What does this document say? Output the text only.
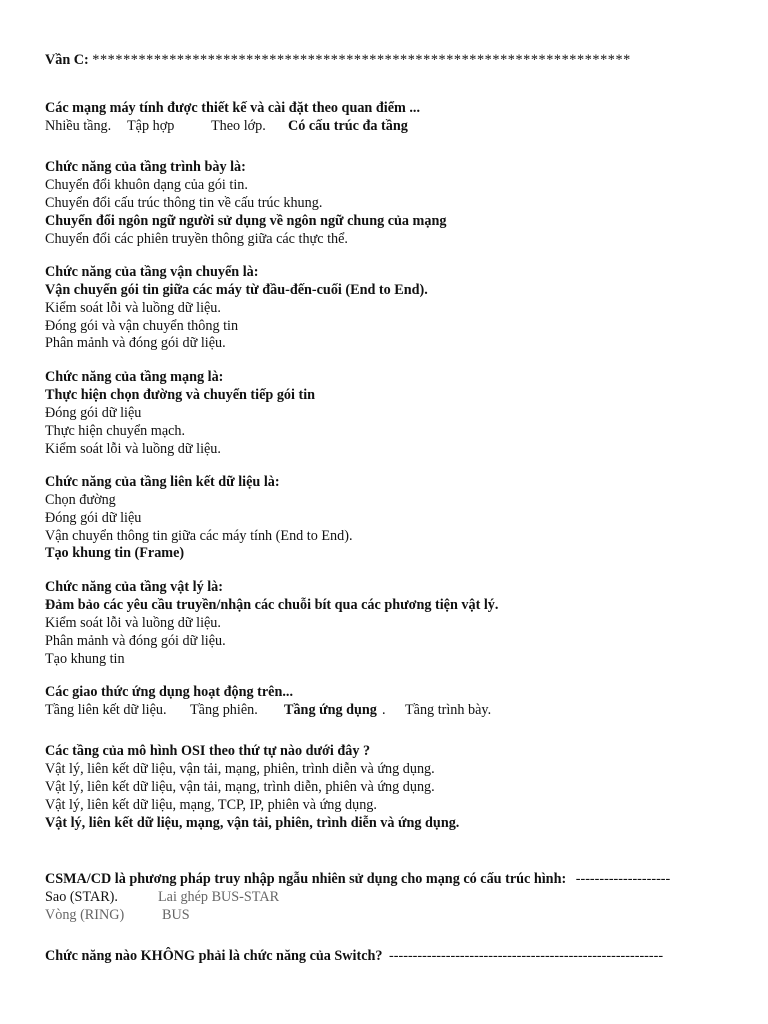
Vần C: **********************************************************************
Các mạng máy tính được thiết kế và cài đặt theo quan điểm ...
Nhiều tầng. Tập hợp	Theo lớp. Có cấu trúc đa tầng
Chức năng của tầng trình bày là:
Chuyển đổi khuôn dạng của gói tin.
Chuyển đổi cấu trúc thông tin về cấu trúc khung.
Chuyển đổi ngôn ngữ người sử dụng về ngôn ngữ chung của mạng
Chuyển đổi các phiên truyền thông giữa các thực thể.
Chức năng của tầng vận chuyển là:
Vận chuyển gói tin giữa các máy từ đầu-đến-cuối (End to End).
Kiểm soát lỗi và luồng dữ liệu.
Đóng gói và vận chuyển thông tin
Phân mảnh và đóng gói dữ liệu.
Chức năng của tầng mạng là:
Thực hiện chọn đường và chuyển tiếp gói tin
Đóng gói dữ liệu
Thực hiện chuyển mạch.
Kiểm soát lỗi và luồng dữ liệu.
Chức năng của tầng liên kết dữ liệu là:
Chọn đường
Đóng gói dữ liệu
Vận chuyển thông tin giữa các máy tính (End to End).
Tạo khung tin (Frame)
Chức năng của tầng vật lý là:
Đảm bảo các yêu cầu truyền/nhận các chuỗi bít qua các phương tiện vật lý.
Kiểm soát lỗi và luồng dữ liệu.
Phân mảnh và đóng gói dữ liệu.
Tạo khung tin
Các giao thức ứng dụng hoạt động trên...
Tầng liên kết dữ liệu. Tầng phiên. Tầng ứng dụng . Tầng trình bày.
Các tầng của mô hình OSI theo thứ tự nào dưới đây ?
Vật lý, liên kết dữ liệu, vận tải, mạng, phiên, trình diễn và ứng dụng.
Vật lý, liên kết dữ liệu, vận tải, mạng, trình diễn, phiên và ứng dụng.
Vật lý, liên kết dữ liệu, mạng, TCP, IP, phiên và ứng dụng.
Vật lý, liên kết dữ liệu, mạng, vận tải, phiên, trình diễn và ứng dụng.
CSMA/CD là phương pháp truy nhập ngẫu nhiên sử dụng cho mạng có cấu trúc hình: --------------------
Sao (STAR).	Lai ghép BUS-STAR
Vòng (RING)	BUS
Chức năng nào KHÔNG phải là chức năng của Switch? ----------------------------------------------------------
